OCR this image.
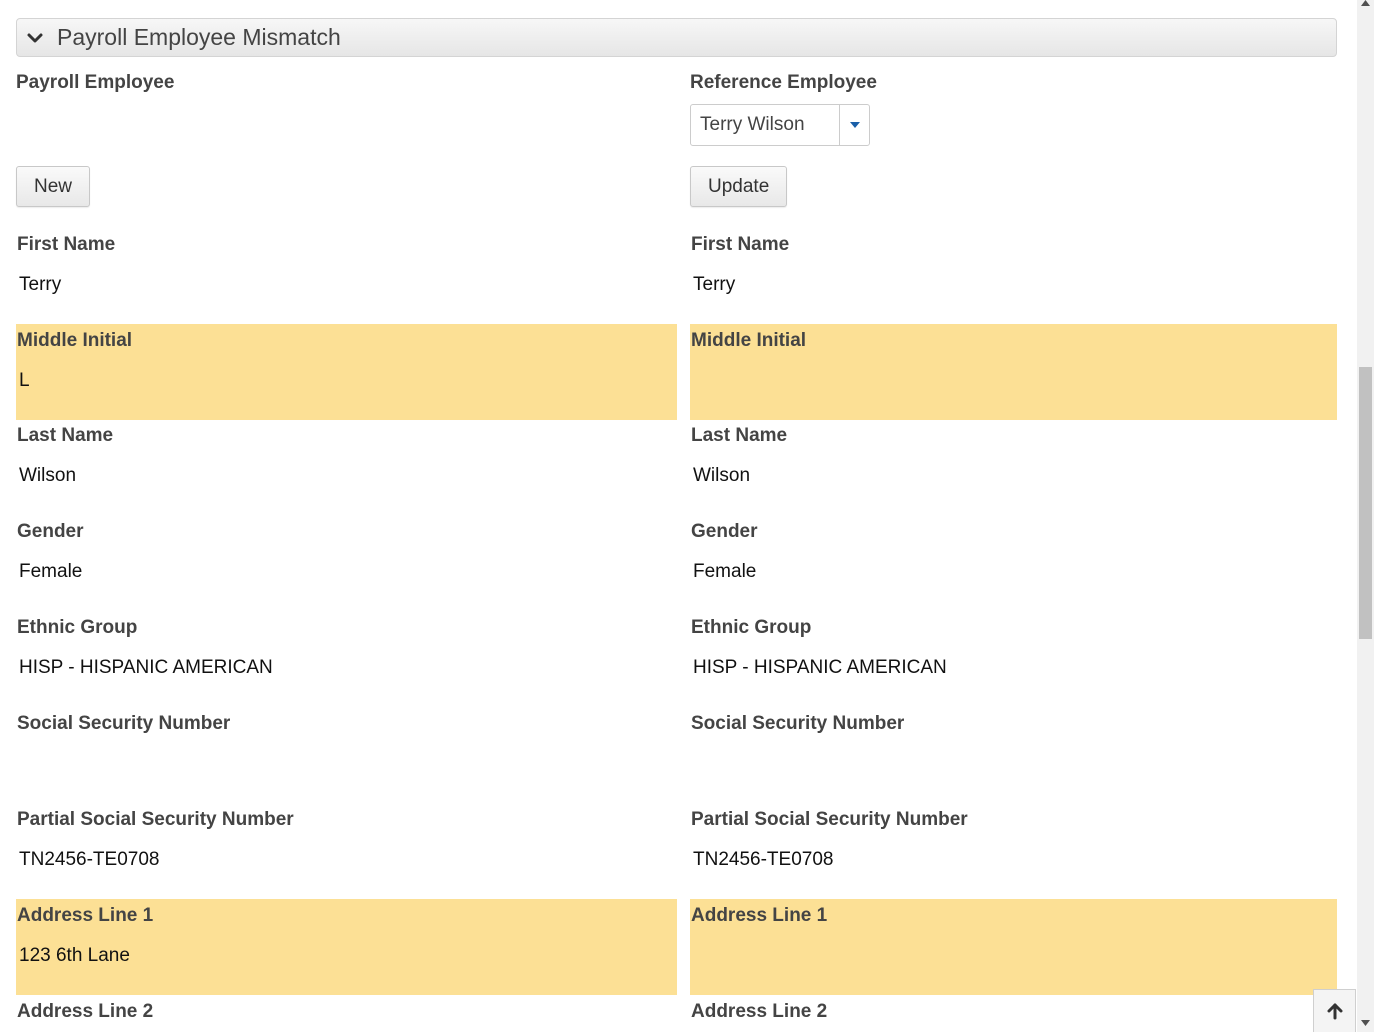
Payroll Employee Mismatch
Payroll Employee
New
First Name
Terry
Middle Initial
L
Last Name
Wilson
Gender
Female
Ethnic Group
HISP - HISPANIC AMERICAN
Social Security Number
Partial Social Security Number
TN2456-TE0708
Address Line 1
123 6th Lane
Address Line 2
Reference Employee
Terry Wilson
Update
First Name
Terry
Middle Initial
Last Name
Wilson
Gender
Female
Ethnic Group
HISP - HISPANIC AMERICAN
Social Security Number
Partial Social Security Number
TN2456-TE0708
Address Line 1
Address Line 2
